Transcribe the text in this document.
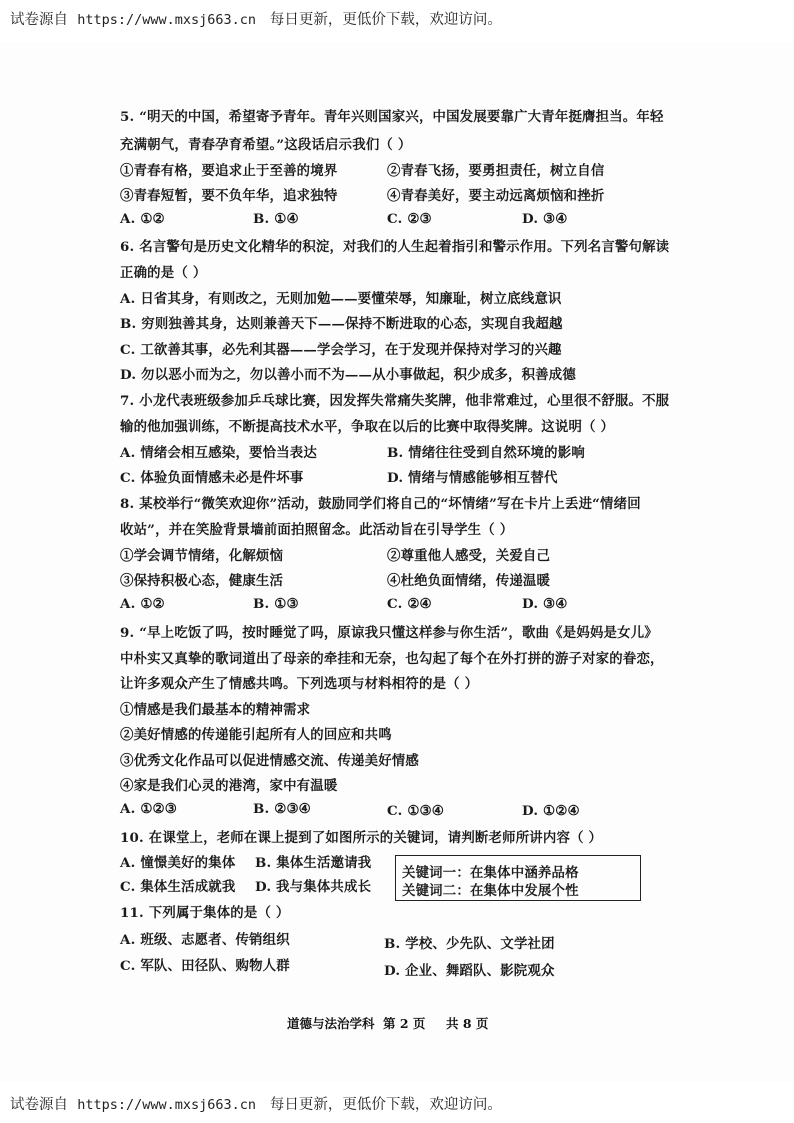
试卷源自 https://www.mxsj663.cn 每日更新，更低价下载，欢迎访问。
5. “明天的中国，希望寄予青年。青年兴则国家兴，中国发展要靠广大青年挺膺担当。年轻
充满朝气，青春孕育希望。”这段话启示我们（ ）
①青春有格，要追求止于至善的境界	②青春飞扬，要勇担责任，树立自信
③青春短暂，要不负年华，追求独特	④青春美好，要主动远离烦恼和挫折
A. ①②	B. ①④	C. ②③	D. ③④
6. 名言警句是历史文化精华的积淀，对我们的人生起着指引和警示作用。下列名言警句解读
正确的是（ ）
A. 日省其身，有则改之，无则加勉——要懂荣辱，知廉耻，树立底线意识
B. 穷则独善其身，达则兼善天下——保持不断进取的心态，实现自我超越
C. 工欲善其事，必先利其器——学会学习，在于发现并保持对学习的兴趣
D. 勿以恶小而为之，勿以善小而不为——从小事做起，积少成多，积善成德
7. 小龙代表班级参加乒乓球比赛，因发挥失常痛失奖牌，他非常难过，心里很不舒服。不服
输的他加强训练，不断提高技术水平，争取在以后的比赛中取得奖牌。这说明（ ）
A. 情绪会相互感染，要恰当表达	B. 情绪往往受到自然环境的影响
C. 体验负面情感未必是件坏事	D. 情绪与情感能够相互替代
8. 某校举行“微笑欢迎你”活动，鼓励同学们将自己的“坏情绪”写在卡片上丢进“情绪回
收站”，并在笑脸背景墙前面拍照留念。此活动旨在引导学生（ ）
①学会调节情绪，化解烦恼	②尊重他人感受，关爱自己
③保持积极心态，健康生活	④杜绝负面情绪，传递温暖
A. ①②	B. ①③	C. ②④	D. ③④
9. “早上吃饭了吗，按时睡觉了吗，原谅我只懂这样参与你生活”，歌曲《是妈妈是女儿》
中朴实又真挚的歌词道出了母亲的牵挂和无奈，也勾起了每个在外打拼的游子对家的眷恋，
让许多观众产生了情感共鸣。下列选项与材料相符的是（ ）
①情感是我们最基本的精神需求
②美好情感的传递能引起所有人的回应和共鸣
③优秀文化作品可以促进情感交流、传递美好情感
④家是我们心灵的港湾，家中有温暖
A. ①②③	B. ②③④	C. ①③④	D. ①②④
10. 在课堂上，老师在课上提到了如图所示的关键词，请判断老师所讲内容（ ）
A. 憧憬美好的集体 B. 集体生活邀请我
C. 集体生活成就我 D. 我与集体共成长
关键词一：在集体中涵养品格
关键词二：在集体中发展个性
11. 下列属于集体的是（ ）
A. 班级、志愿者、传销组织	B. 学校、少先队、文学社团
C. 军队、田径队、购物人群	D. 企业、舞蹈队、影院观众
道德与法治学科 第 2 页 共 8 页
试卷源自 https://www.mxsj663.cn 每日更新，更低价下载，欢迎访问。
